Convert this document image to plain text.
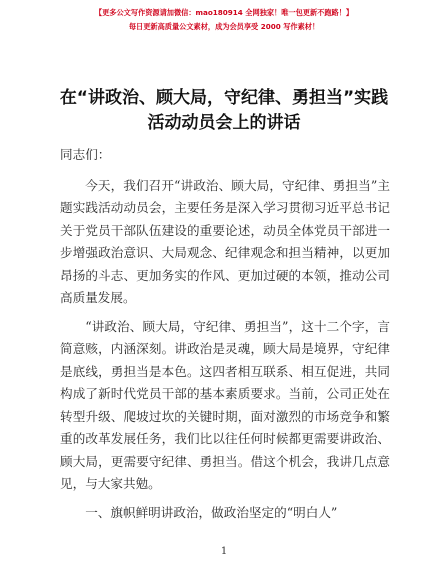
【更多公文写作资源请加微信：mao180914 全网独家！唯一包更新不跑路！】
每日更新高质量公文素材，成为会员享受 2000 写作素材！
在“讲政治、顾大局，守纪律、勇担当”实践
活动动员会上的讲话

同志们：

今天，我们召开“讲政治、顾大局，守纪律、勇担当”主题实践活动动员会，主要任务是深入学习贯彻习近平总书记关于党员干部队伍建设的重要论述，动员全体党员干部进一步增强政治意识、大局观念、纪律观念和担当精神，以更加昂扬的斗志、更加务实的作风、更加过硬的本领，推动公司高质量发展。

“讲政治、顾大局，守纪律、勇担当”，这十二个字，言简意赅，内涵深刻。讲政治是灵魂，顾大局是境界，守纪律是底线，勇担当是本色。这四者相互联系、相互促进，共同构成了新时代党员干部的基本素质要求。当前，公司正处在转型升级、爬坡过坎的关键时期，面对激烈的市场竞争和繁重的改革发展任务，我们比以往任何时候都更需要讲政治、顾大局，更需要守纪律、勇担当。借这个机会，我讲几点意见，与大家共勉。

一、旗帜鲜明讲政治，做政治坚定的“明白人”

1
